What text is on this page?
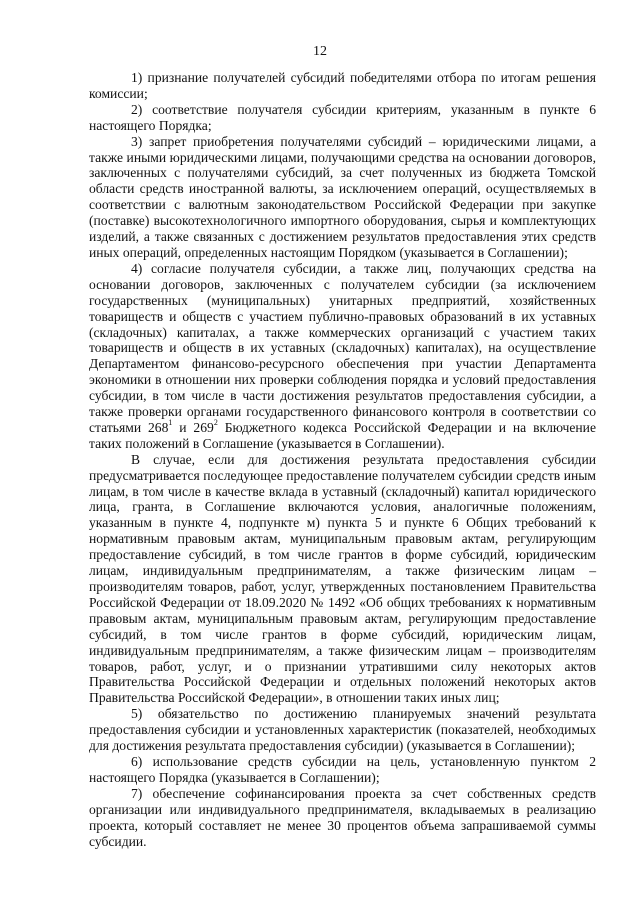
12

1) признание получателей субсидий победителями отбора по итогам решения комиссии;

2) соответствие получателя субсидии критериям, указанным в пункте 6 настоящего Порядка;

3) запрет приобретения получателями субсидий – юридическими лицами, а также иными юридическими лицами, получающими средства на основании договоров, заключенных с получателями субсидий, за счет полученных из бюджета Томской области средств иностранной валюты, за исключением операций, осуществляемых в соответствии с валютным законодательством Российской Федерации при закупке (поставке) высокотехнологичного импортного оборудования, сырья и комплектующих изделий, а также связанных с достижением результатов предоставления этих средств иных операций, определенных настоящим Порядком (указывается в Соглашении);

4) согласие получателя субсидии, а также лиц, получающих средства на основании договоров, заключенных с получателем субсидии (за исключением государственных (муниципальных) унитарных предприятий, хозяйственных товариществ и обществ с участием публично-правовых образований в их уставных (складочных) капиталах, а также коммерческих организаций с участием таких товариществ и обществ в их уставных (складочных) капиталах), на осуществление Департаментом финансово-ресурсного обеспечения при участии Департамента экономики в отношении них проверки соблюдения порядка и условий предоставления субсидии, в том числе в части достижения результатов предоставления субсидии, а также проверки органами государственного финансового контроля в соответствии со статьями $268^1$ и $269^2$ Бюджетного кодекса Российской Федерации и на включение таких положений в Соглашение (указывается в Соглашении).

В случае, если для достижения результата предоставления субсидии предусматривается последующее предоставление получателем субсидии средств иным лицам, в том числе в качестве вклада в уставный (складочный) капитал юридического лица, гранта, в Соглашение включаются условия, аналогичные положениям, указанным в пункте 4, подпункте м) пункта 5 и пункте 6 Общих требований к нормативным правовым актам, муниципальным правовым актам, регулирующим предоставление субсидий, в том числе грантов в форме субсидий, юридическим лицам, индивидуальным предпринимателям, а также физическим лицам – производителям товаров, работ, услуг, утвержденных постановлением Правительства Российской Федерации от 18.09.2020 № 1492 «Об общих требованиях к нормативным правовым актам, муниципальным правовым актам, регулирующим предоставление субсидий, в том числе грантов в форме субсидий, юридическим лицам, индивидуальным предпринимателям, а также физическим лицам – производителям товаров, работ, услуг, и о признании утратившими силу некоторых актов Правительства Российской Федерации и отдельных положений некоторых актов Правительства Российской Федерации», в отношении таких иных лиц;

5) обязательство по достижению планируемых значений результата предоставления субсидии и установленных характеристик (показателей, необходимых для достижения результата предоставления субсидии) (указывается в Соглашении);

6) использование средств субсидии на цель, установленную пунктом 2 настоящего Порядка (указывается в Соглашении);

7) обеспечение софинансирования проекта за счет собственных средств организации или индивидуального предпринимателя, вкладываемых в реализацию проекта, который составляет не менее 30 процентов объема запрашиваемой суммы субсидии.
